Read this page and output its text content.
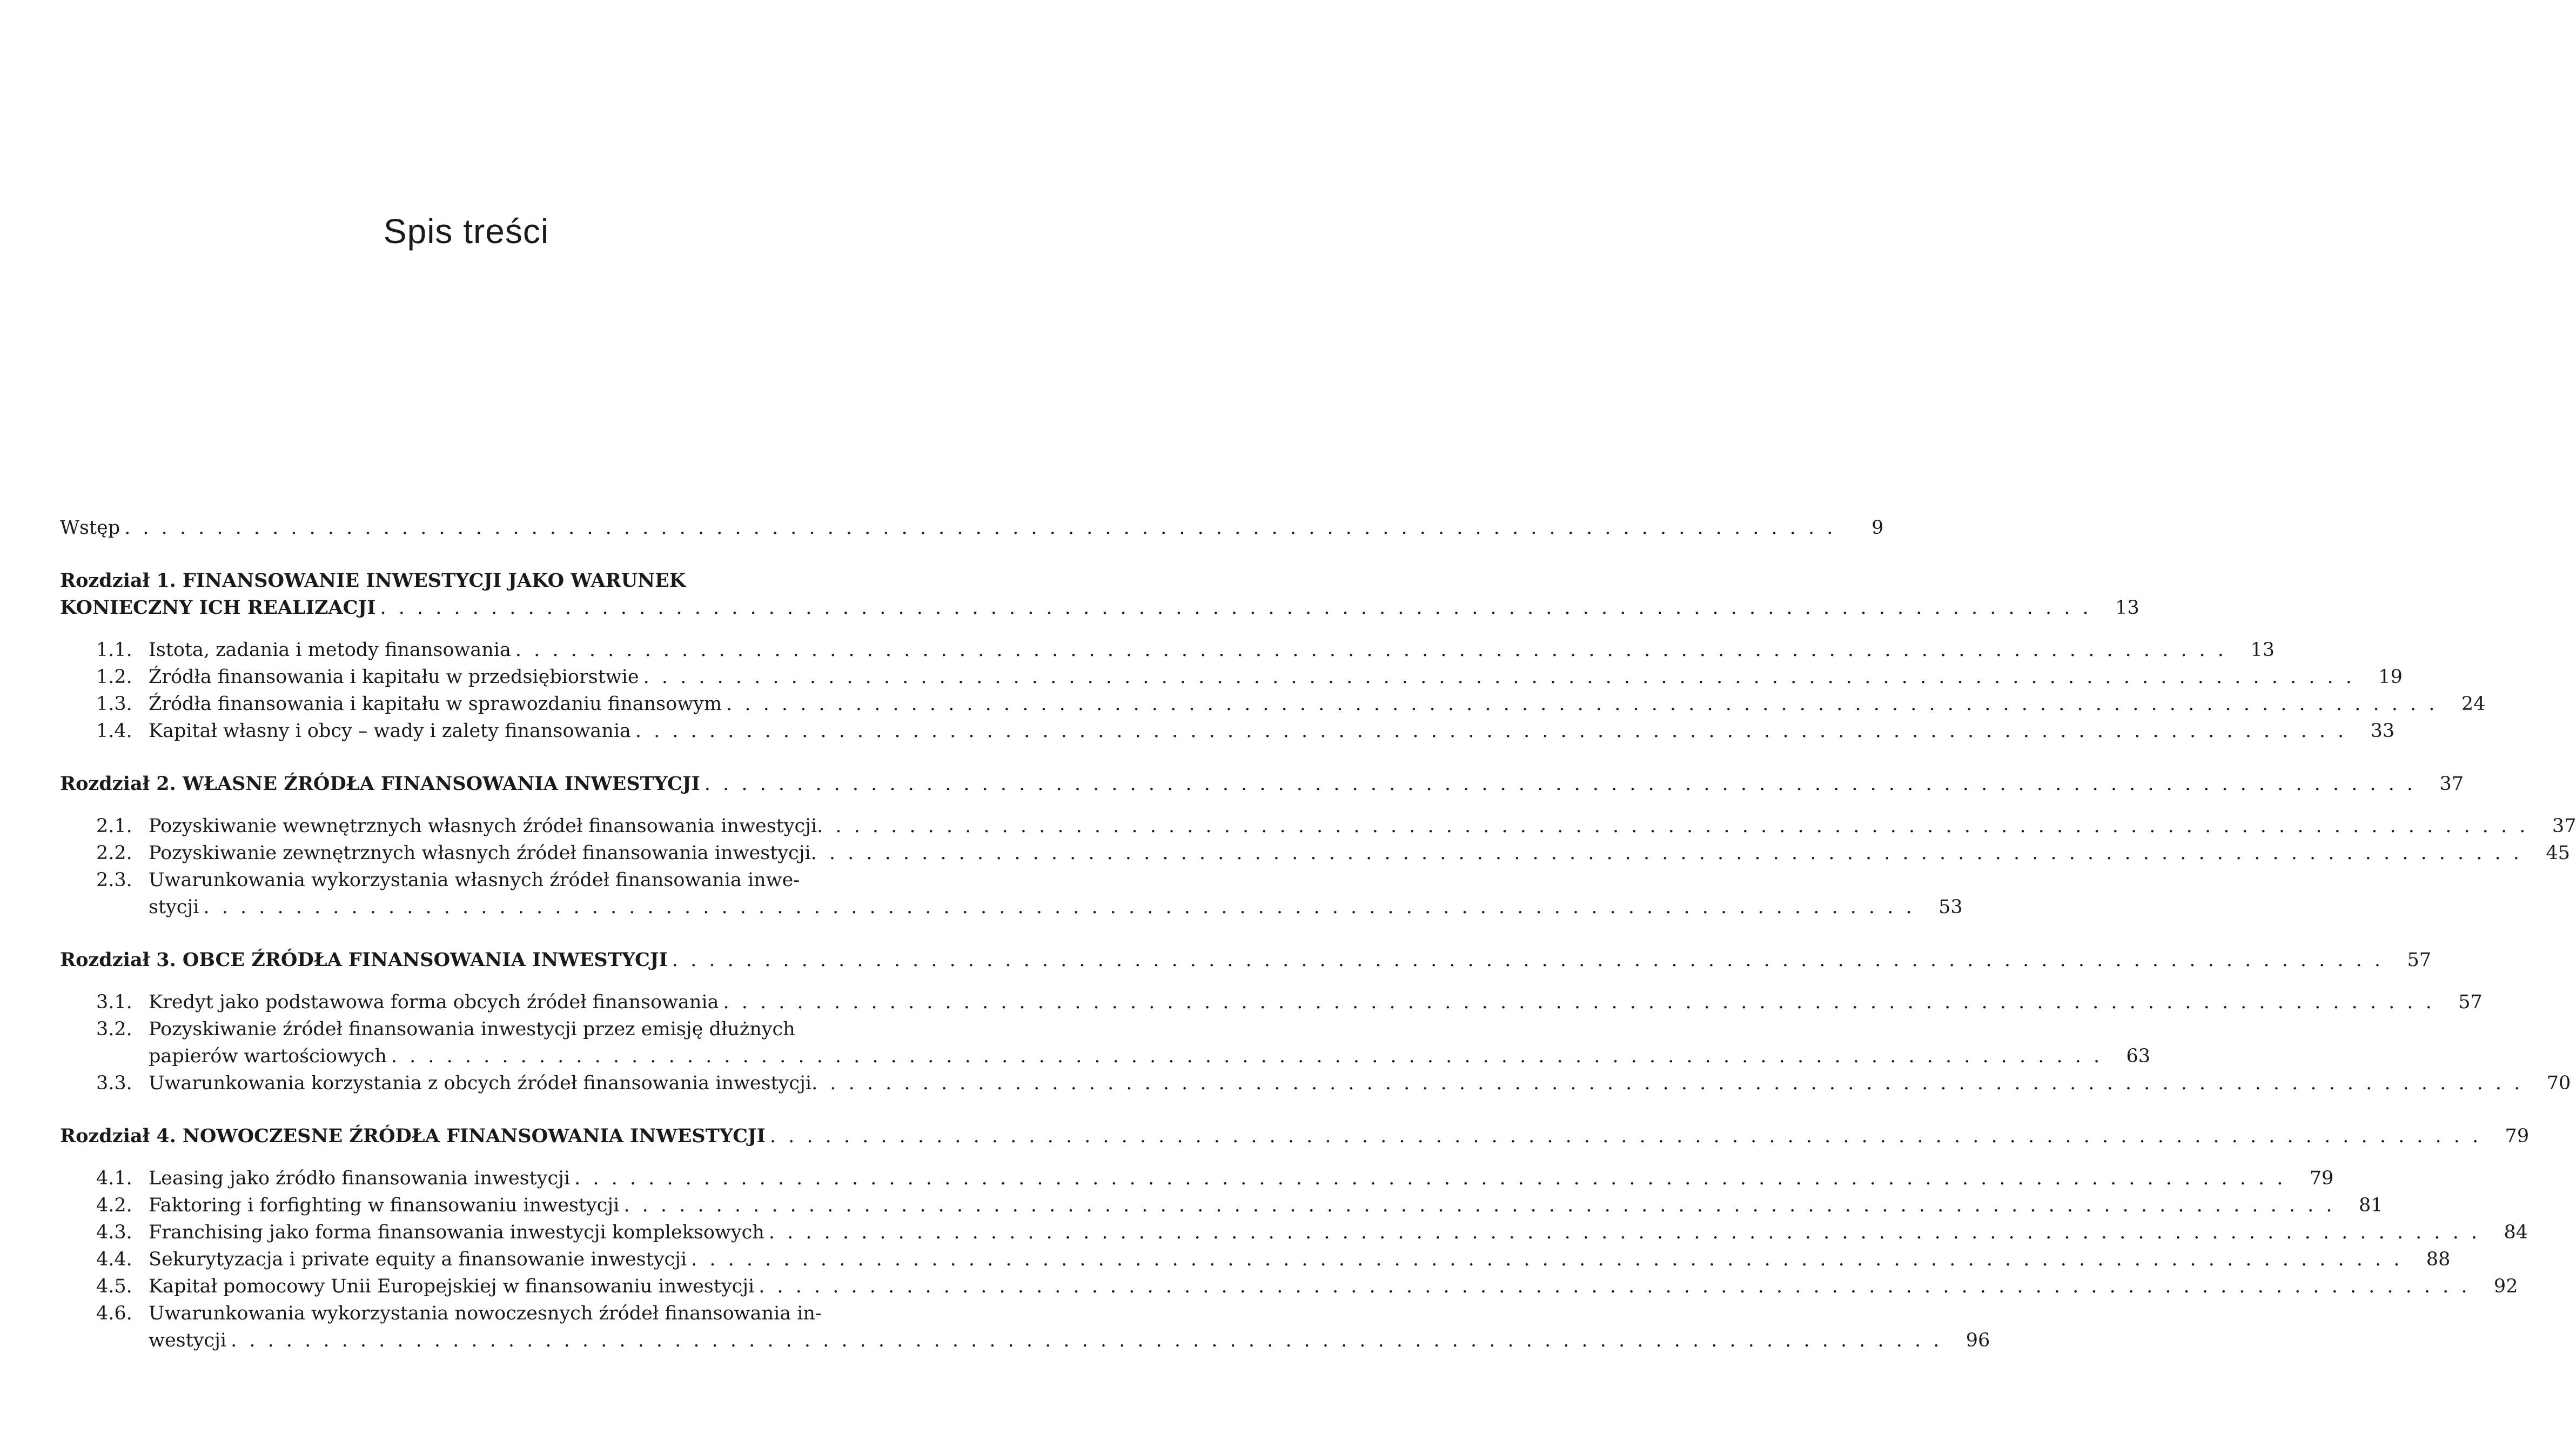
Spis treści
Wstęp . . .	9
Rozdział 1. FINANSOWANIE INWESTYCJI JAKO WARUNEK
KONIECZNY ICH REALIZACJI . . .	13
1.1. Istota, zadania i metody finansowania . . .	13
1.2. Źródła finansowania i kapitału w przedsiębiorstwie . . .	19
1.3. Źródła finansowania i kapitału w sprawozdaniu finansowym . . .	24
1.4. Kapitał własny i obcy – wady i zalety finansowania . . .	33
Rozdział 2. WŁASNE ŹRÓDŁA FINANSOWANIA INWESTYCJI . . .	37
2.1. Pozyskiwanie wewnętrznych własnych źródeł finansowania inwestycji . . .	37
2.2. Pozyskiwanie zewnętrznych własnych źródeł finansowania inwestycji . . .	45
2.3. Uwarunkowania wykorzystania własnych źródeł finansowania inwe-
stycji . . .	53
Rozdział 3. OBCE ŹRÓDŁA FINANSOWANIA INWESTYCJI . . .	57
3.1. Kredyt jako podstawowa forma obcych źródeł finansowania . . .	57
3.2. Pozyskiwanie źródeł finansowania inwestycji przez emisję dłużnych
papierów wartościowych . . .	63
3.3. Uwarunkowania korzystania z obcych źródeł finansowania inwestycji . . .	70
Rozdział 4. NOWOCZESNE ŹRÓDŁA FINANSOWANIA INWESTYCJI . . .	79
4.1. Leasing jako źródło finansowania inwestycji . . .	79
4.2. Faktoring i forfighting w finansowaniu inwestycji . . .	81
4.3. Franchising jako forma finansowania inwestycji kompleksowych . . .	84
4.4. Sekurytyzacja i private equity a finansowanie inwestycji . . .	88
4.5. Kapitał pomocowy Unii Europejskiej w finansowaniu inwestycji . . .	92
4.6. Uwarunkowania wykorzystania nowoczesnych źródeł finansowania in-
westycji . . .	96
